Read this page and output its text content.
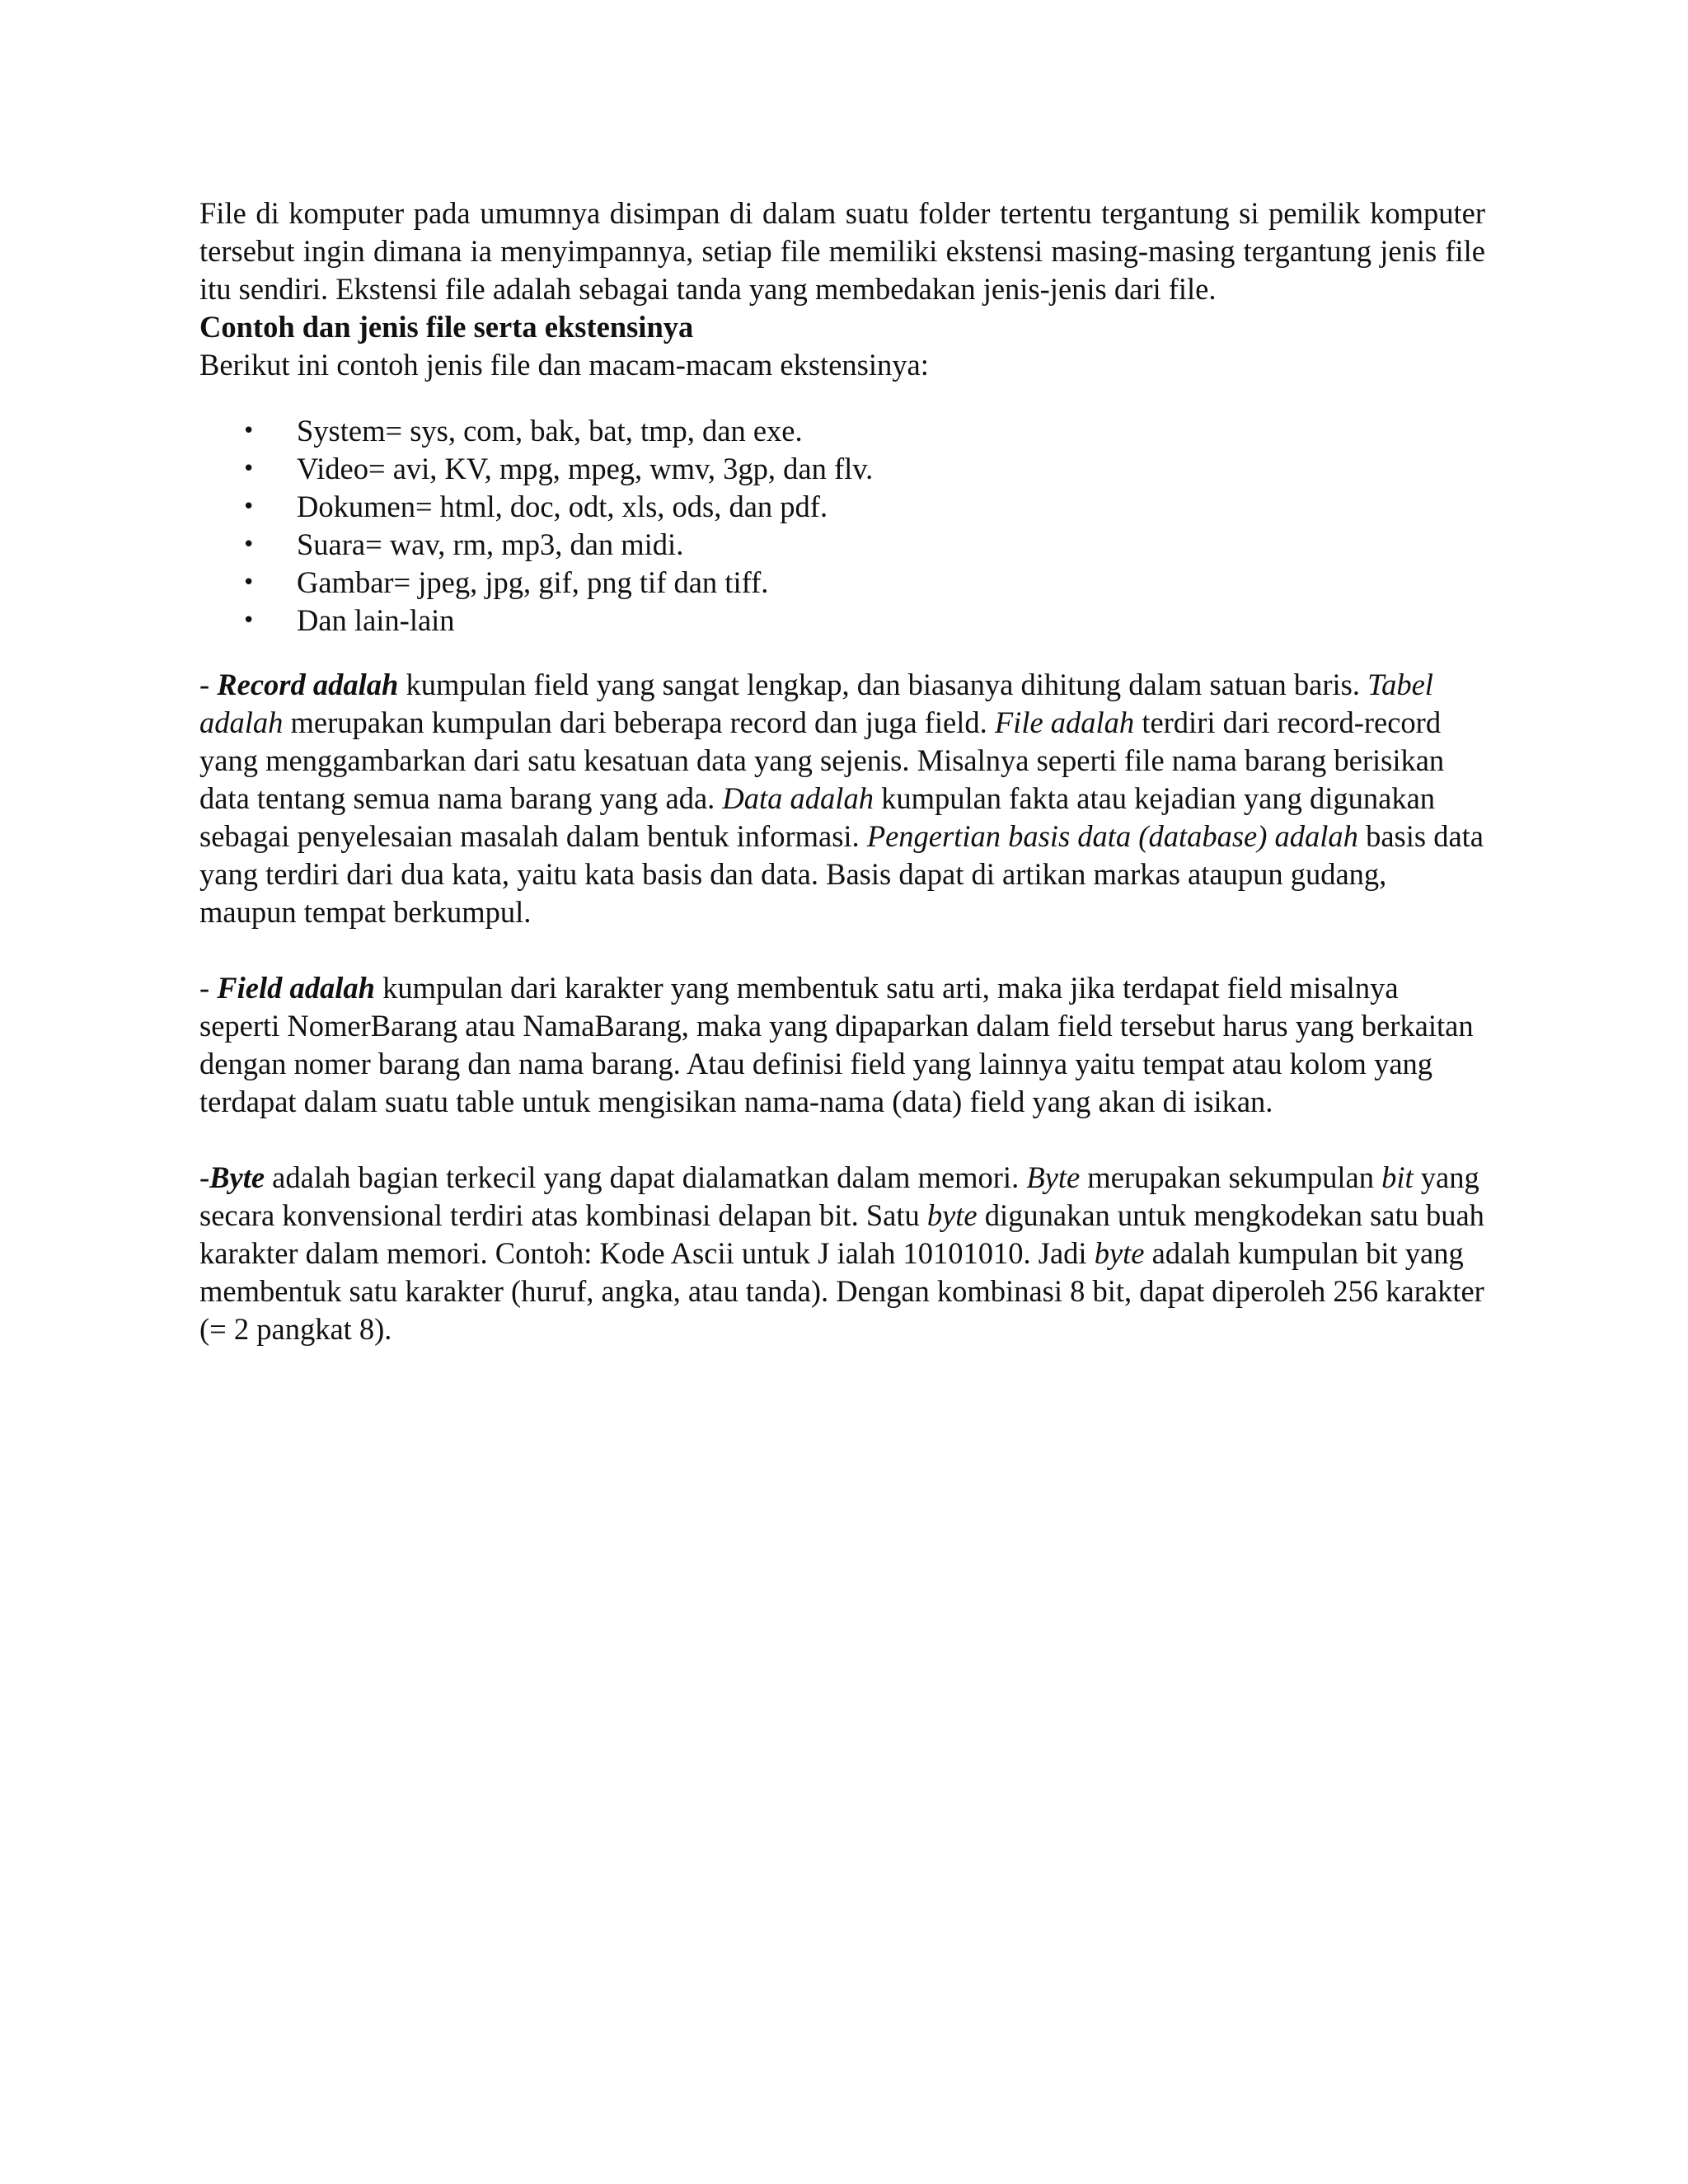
File di komputer pada umumnya disimpan di dalam suatu folder tertentu tergantung si pemilik komputer tersebut ingin dimana ia menyimpannya, setiap file memiliki ekstensi masing-masing tergantung jenis file itu sendiri. Ekstensi file adalah sebagai tanda yang membedakan jenis-jenis dari file.

Contoh dan jenis file serta ekstensinya

Berikut ini contoh jenis file dan macam-macam ekstensinya:

• System= sys, com, bak, bat, tmp, dan exe.
• Video= avi, KV, mpg, mpeg, wmv, 3gp, dan flv.
• Dokumen= html, doc, odt, xls, ods, dan pdf.
• Suara= wav, rm, mp3, dan midi.
• Gambar= jpeg, jpg, gif, png tif dan tiff.
• Dan lain-lain

- Record adalah kumpulan field yang sangat lengkap, dan biasanya dihitung dalam satuan baris. Tabel adalah merupakan kumpulan dari beberapa record dan juga field. File adalah terdiri dari record-record yang menggambarkan dari satu kesatuan data yang sejenis. Misalnya seperti file nama barang berisikan data tentang semua nama barang yang ada. Data adalah kumpulan fakta atau kejadian yang digunakan sebagai penyelesaian masalah dalam bentuk informasi. Pengertian basis data (database) adalah basis data yang terdiri dari dua kata, yaitu kata basis dan data. Basis dapat di artikan markas ataupun gudang, maupun tempat berkumpul.

- Field adalah kumpulan dari karakter yang membentuk satu arti, maka jika terdapat field misalnya seperti NomerBarang atau NamaBarang, maka yang dipaparkan dalam field tersebut harus yang berkaitan dengan nomer barang dan nama barang. Atau definisi field yang lainnya yaitu tempat atau kolom yang terdapat dalam suatu table untuk mengisikan nama-nama (data) field yang akan di isikan.

-Byte adalah bagian terkecil yang dapat dialamatkan dalam memori. Byte merupakan sekumpulan bit yang secara konvensional terdiri atas kombinasi delapan bit. Satu byte digunakan untuk mengkodekan satu buah karakter dalam memori. Contoh: Kode Ascii untuk J ialah 10101010. Jadi byte adalah kumpulan bit yang membentuk satu karakter (huruf, angka, atau tanda). Dengan kombinasi 8 bit, dapat diperoleh 256 karakter (= 2 pangkat 8).
